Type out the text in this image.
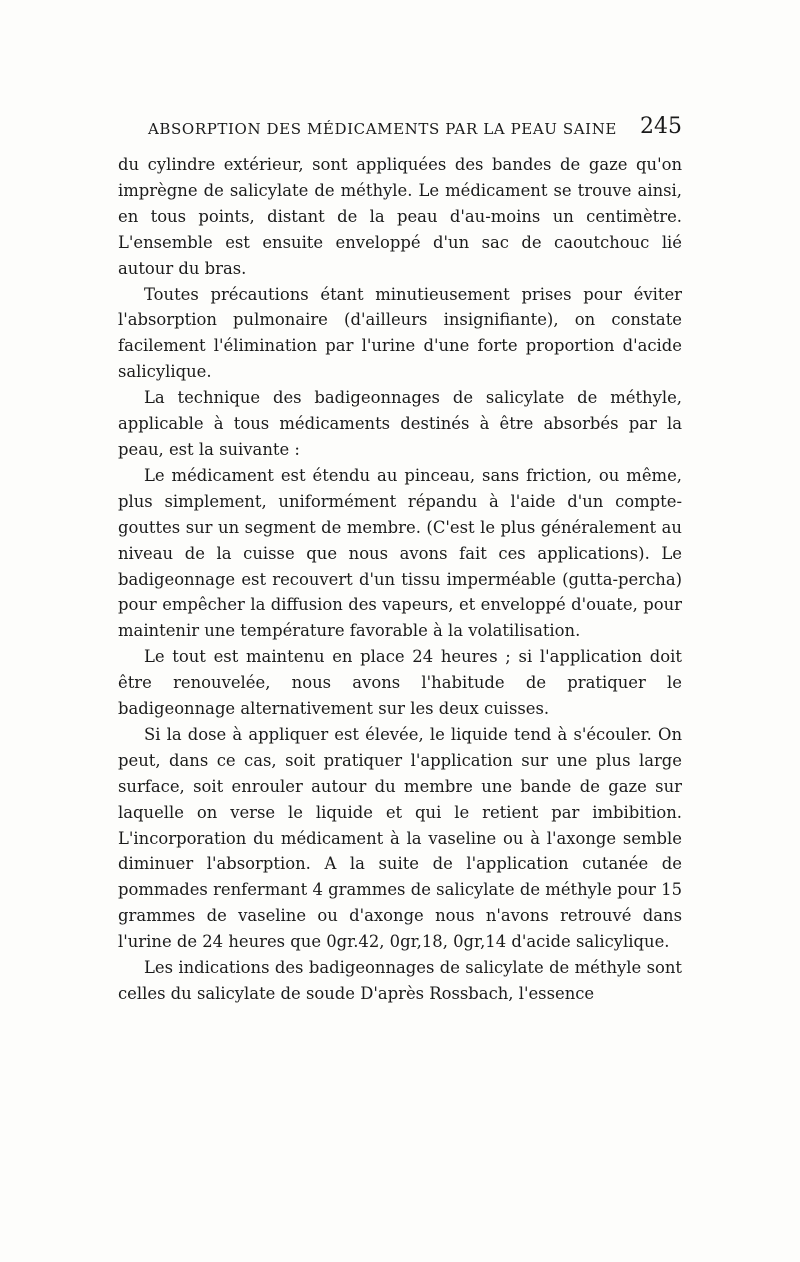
ABSORPTION DES MÉDICAMENTS PAR LA PEAU SAINE 245

du cylindre extérieur, sont appliquées des bandes de gaze qu'on imprègne de salicylate de méthyle. Le médicament se trouve ainsi, en tous points, distant de la peau d'au-moins un centimètre. L'ensemble est ensuite enveloppé d'un sac de caoutchouc lié autour du bras.

Toutes précautions étant minutieusement prises pour éviter l'absorption pulmonaire (d'ailleurs insignifiante), on constate facilement l'élimination par l'urine d'une forte proportion d'acide salicylique.

La technique des badigeonnages de salicylate de méthyle, applicable à tous médicaments destinés à être absorbés par la peau, est la suivante :

Le médicament est étendu au pinceau, sans friction, ou même, plus simplement, uniformément répandu à l'aide d'un compte-gouttes sur un segment de membre. (C'est le plus généralement au niveau de la cuisse que nous avons fait ces applications). Le badigeonnage est recouvert d'un tissu imperméable (gutta-percha) pour empêcher la diffusion des vapeurs, et enveloppé d'ouate, pour maintenir une température favorable à la volatilisation.

Le tout est maintenu en place 24 heures ; si l'application doit être renouvelée, nous avons l'habitude de pratiquer le badigeonnage alternativement sur les deux cuisses.

Si la dose à appliquer est élevée, le liquide tend à s'écouler. On peut, dans ce cas, soit pratiquer l'application sur une plus large surface, soit enrouler autour du membre une bande de gaze sur laquelle on verse le liquide et qui le retient par imbibition. L'incorporation du médicament à la vaseline ou à l'axonge semble diminuer l'absorption. A la suite de l'application cutanée de pommades renfermant 4 grammes de salicylate de méthyle pour 15 grammes de vaseline ou d'axonge nous n'avons retrouvé dans l'urine de 24 heures que 0gr.42, 0gr,18, 0gr,14 d'acide salicylique.

Les indications des badigeonnages de salicylate de méthyle sont celles du salicylate de soude D'après Rossbach, l'essence
